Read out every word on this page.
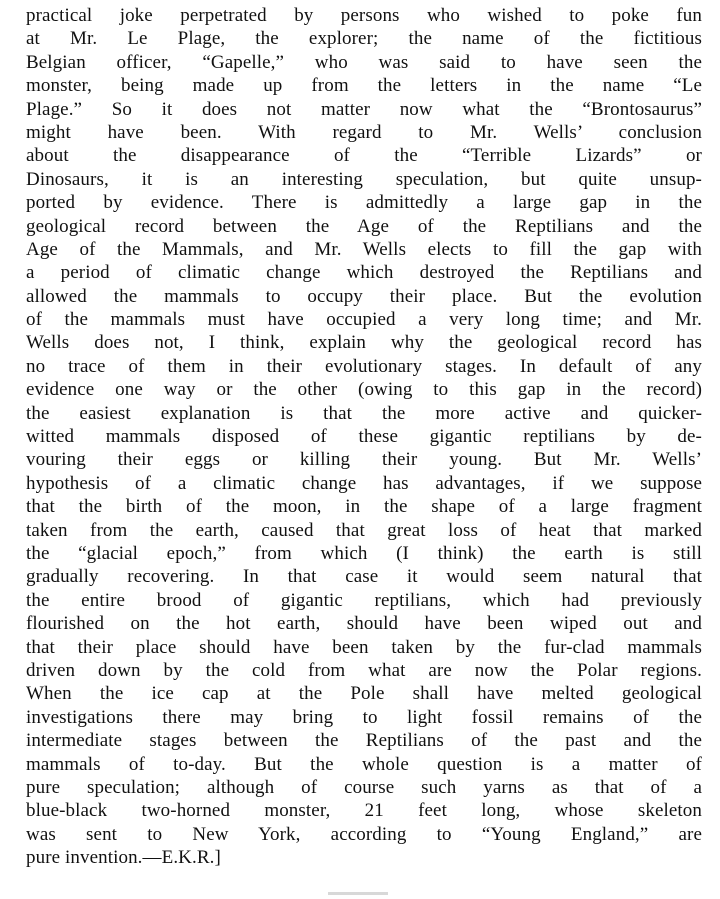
practical joke perpetrated by persons who wished to poke fun
at Mr. Le Plage, the explorer; the name of the fictitious
Belgian officer, “Gapelle,” who was said to have seen the
monster, being made up from the letters in the name “Le
Plage.” So it does not matter now what the “Brontosaurus”
might have been. With regard to Mr. Wells’ conclusion
about the disappearance of the “Terrible Lizards” or
Dinosaurs, it is an interesting speculation, but quite unsup-
ported by evidence. There is admittedly a large gap in the
geological record between the Age of the Reptilians and the
Age of the Mammals, and Mr. Wells elects to fill the gap with
a period of climatic change which destroyed the Reptilians and
allowed the mammals to occupy their place. But the evolution
of the mammals must have occupied a very long time; and Mr.
Wells does not, I think, explain why the geological record has
no trace of them in their evolutionary stages. In default of any
evidence one way or the other (owing to this gap in the record)
the easiest explanation is that the more active and quicker-
witted mammals disposed of these gigantic reptilians by de-
vouring their eggs or killing their young. But Mr. Wells’
hypothesis of a climatic change has advantages, if we suppose
that the birth of the moon, in the shape of a large fragment
taken from the earth, caused that great loss of heat that marked
the “glacial epoch,” from which (I think) the earth is still
gradually recovering. In that case it would seem natural that
the entire brood of gigantic reptilians, which had previously
flourished on the hot earth, should have been wiped out and
that their place should have been taken by the fur-clad mammals
driven down by the cold from what are now the Polar regions.
When the ice cap at the Pole shall have melted geological
investigations there may bring to light fossil remains of the
intermediate stages between the Reptilians of the past and the
mammals of to-day. But the whole question is a matter of
pure speculation; although of course such yarns as that of a
blue-black two-horned monster, 21 feet long, whose skeleton
was sent to New York, according to “Young England,” are
pure invention.—E.K.R.]
